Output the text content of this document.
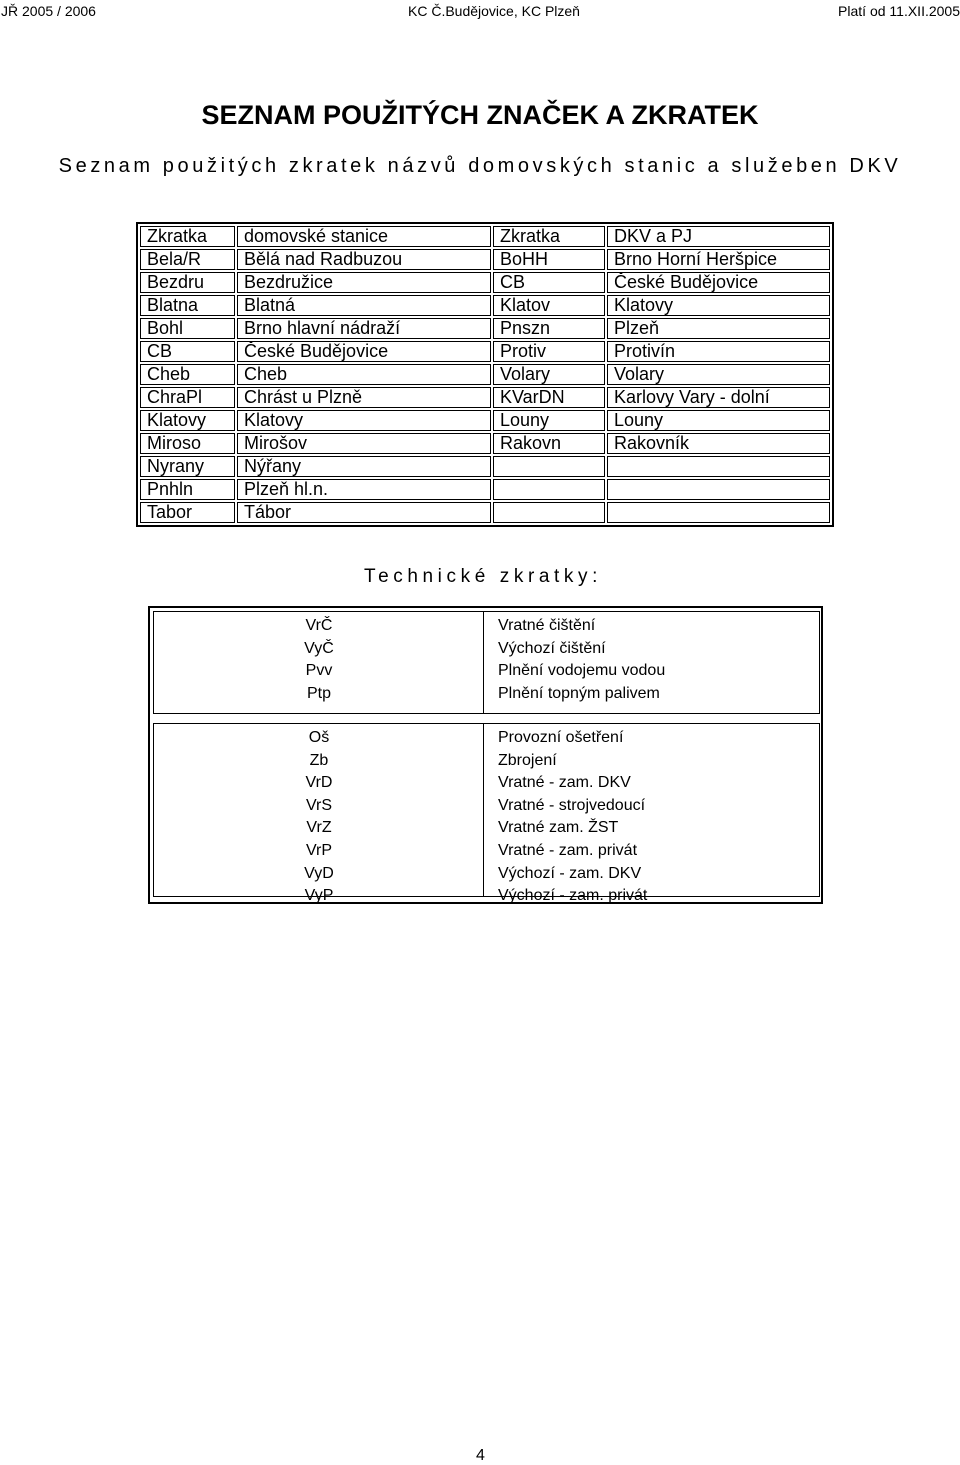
JŘ 2005 / 2006	KC Č.Budějovice, KC Plzeň	Platí od 11.XII.2005
SEZNAM POUŽITÝCH ZNAČEK A ZKRATEK
Seznam použitých zkratek názvů domovských stanic a služeben DKV
Zkratka	domovské stanice	Zkratka	DKV a PJ
Bela/R	Bělá nad Radbuzou	BoHH	Brno Horní Heršpice
Bezdru	Bezdružice	CB	České Budějovice
Blatna	Blatná	Klatov	Klatovy
Bohl	Brno hlavní nádraží	Pnszn	Plzeň
CB	České Budějovice	Protiv	Protivín
Cheb	Cheb	Volary	Volary
ChraPl	Chrást u Plzně	KVarDN	Karlovy Vary - dolní
Klatovy	Klatovy	Louny	Louny
Miroso	Mirošov	Rakovn	Rakovník
Nyrany	Nýřany		
Pnhln	Plzeň hl.n.		
Tabor	Tábor		
Technické zkratky:
VrČ	Vratné čištění
VyČ	Výchozí čištění
Pvv	Plnění vodojemu vodou
Ptp	Plnění topným palivem
Oš	Provozní ošetření
Zb	Zbrojení
VrD	Vratné - zam. DKV
VrS	Vratné - strojvedoucí
VrZ	Vratné zam. ŽST
VrP	Vratné - zam. privát
VyD	Výchozí - zam. DKV
VyP	Výchozí - zam. privát
4
